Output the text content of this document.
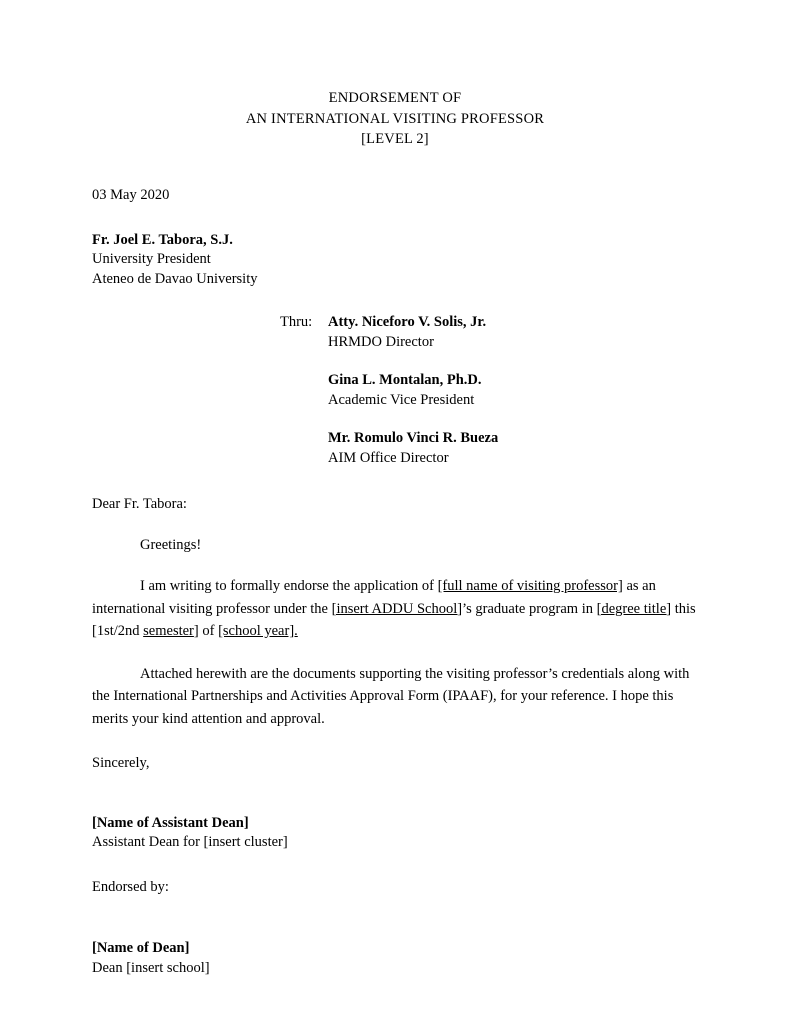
ENDORSEMENT OF
AN INTERNATIONAL VISITING PROFESSOR
[LEVEL 2]
03 May 2020
Fr. Joel E. Tabora, S.J.
University President
Ateneo de Davao University
Thru: Atty. Niceforo V. Solis, Jr.
HRMDO Director
Gina L. Montalan, Ph.D.
Academic Vice President
Mr. Romulo Vinci R. Bueza
AIM Office Director
Dear Fr. Tabora:
Greetings!
I am writing to formally endorse the application of [full name of visiting professor] as an international visiting professor under the [insert ADDU School]’s graduate program in [degree title] this [1st/2nd semester] of [school year].
Attached herewith are the documents supporting the visiting professor’s credentials along with the International Partnerships and Activities Approval Form (IPAAF), for your reference. I hope this merits your kind attention and approval.
Sincerely,
[Name of Assistant Dean]
Assistant Dean for [insert cluster]
Endorsed by:
[Name of Dean]
Dean [insert school]
